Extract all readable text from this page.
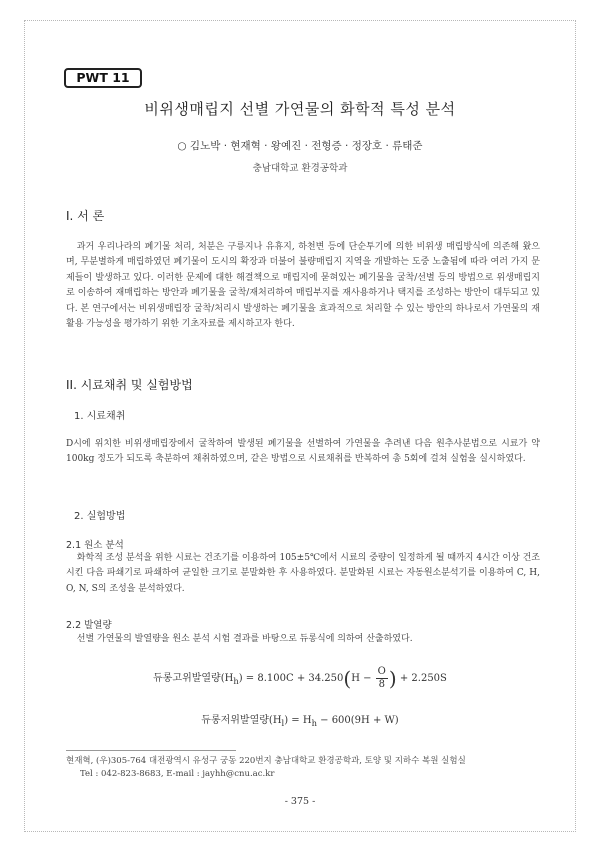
PWT 11
비위생매립지 선별 가연물의 화학적 특성 분석
○ 김노박 · 현재혁 · 왕예진 · 전형증 · 정장호 · 류태준
충남대학교 환경공학과
I. 서 론

과거 우리나라의 폐기물 처리, 처분은 구릉지나 유휴지, 하천변 등에 단순투기에 의한 비위생 매립방식에 의존해 왔으며, 무분별하게 매립하였던 폐기물이 도시의 확장과 더불어 불량매립지 지역을 개발하는 도중 노출됨에 따라 여러 가지 문제들이 발생하고 있다. 이러한 문제에 대한 해결책으로 매립지에 묻혀있는 폐기물을 굴착/선별 등의 방법으로 위생매립지로 이송하여 재매립하는 방안과 폐기물을 굴착/재처리하여 매립부지를 재사용하거나 택지를 조성하는 방안이 대두되고 있다. 본 연구에서는 비위생매립장 굴착/처리시 발생하는 폐기물을 효과적으로 처리할 수 있는 방안의 하나로서 가연물의 재활용 가능성을 평가하기 위한 기초자료를 제시하고자 한다.

II. 시료채취 및 실험방법
1. 시료채취

D시에 위치한 비위생매립장에서 굴착하여 발생된 폐기물을 선별하여 가연물을 추려낸 다음 원추사분법으로 시료가 약 100kg 정도가 되도록 축분하여 채취하였으며, 같은 방법으로 시료채취를 반복하여 총 5회에 걸쳐 실험을 실시하였다.

2. 실험방법
2.1 원소 분석

화학적 조성 분석을 위한 시료는 건조기를 이용하여 105±5℃에서 시료의 중량이 일정하게 될 때까지 4시간 이상 건조시킨 다음 파쇄기로 파쇄하여 균일한 크기로 분말화한 후 사용하였다. 분말화된 시료는 자동원소분석기를 이용하여 C, H, O, N, S의 조성을 분석하였다.

2.2 발열량

선별 가연물의 발열량을 원소 분석 시험 결과를 바탕으로 듀롱식에 의하여 산출하였다.

듀롱고위발열량$(H_h) = 8.100C + 34.250(H - \frac{O}{8}$ ) + 2.250S
듀롱저위발열량$(H_l) = H_h - 600(9H + W)$
현재혁, (우)305-764 대전광역시 유성구 궁동 220번지 충남대학교 환경공학과, 토양 및 지하수 복원 실험실
Tel : 042-823-8683, E-mail : jayhh@cnu.ac.kr
- 375 -
